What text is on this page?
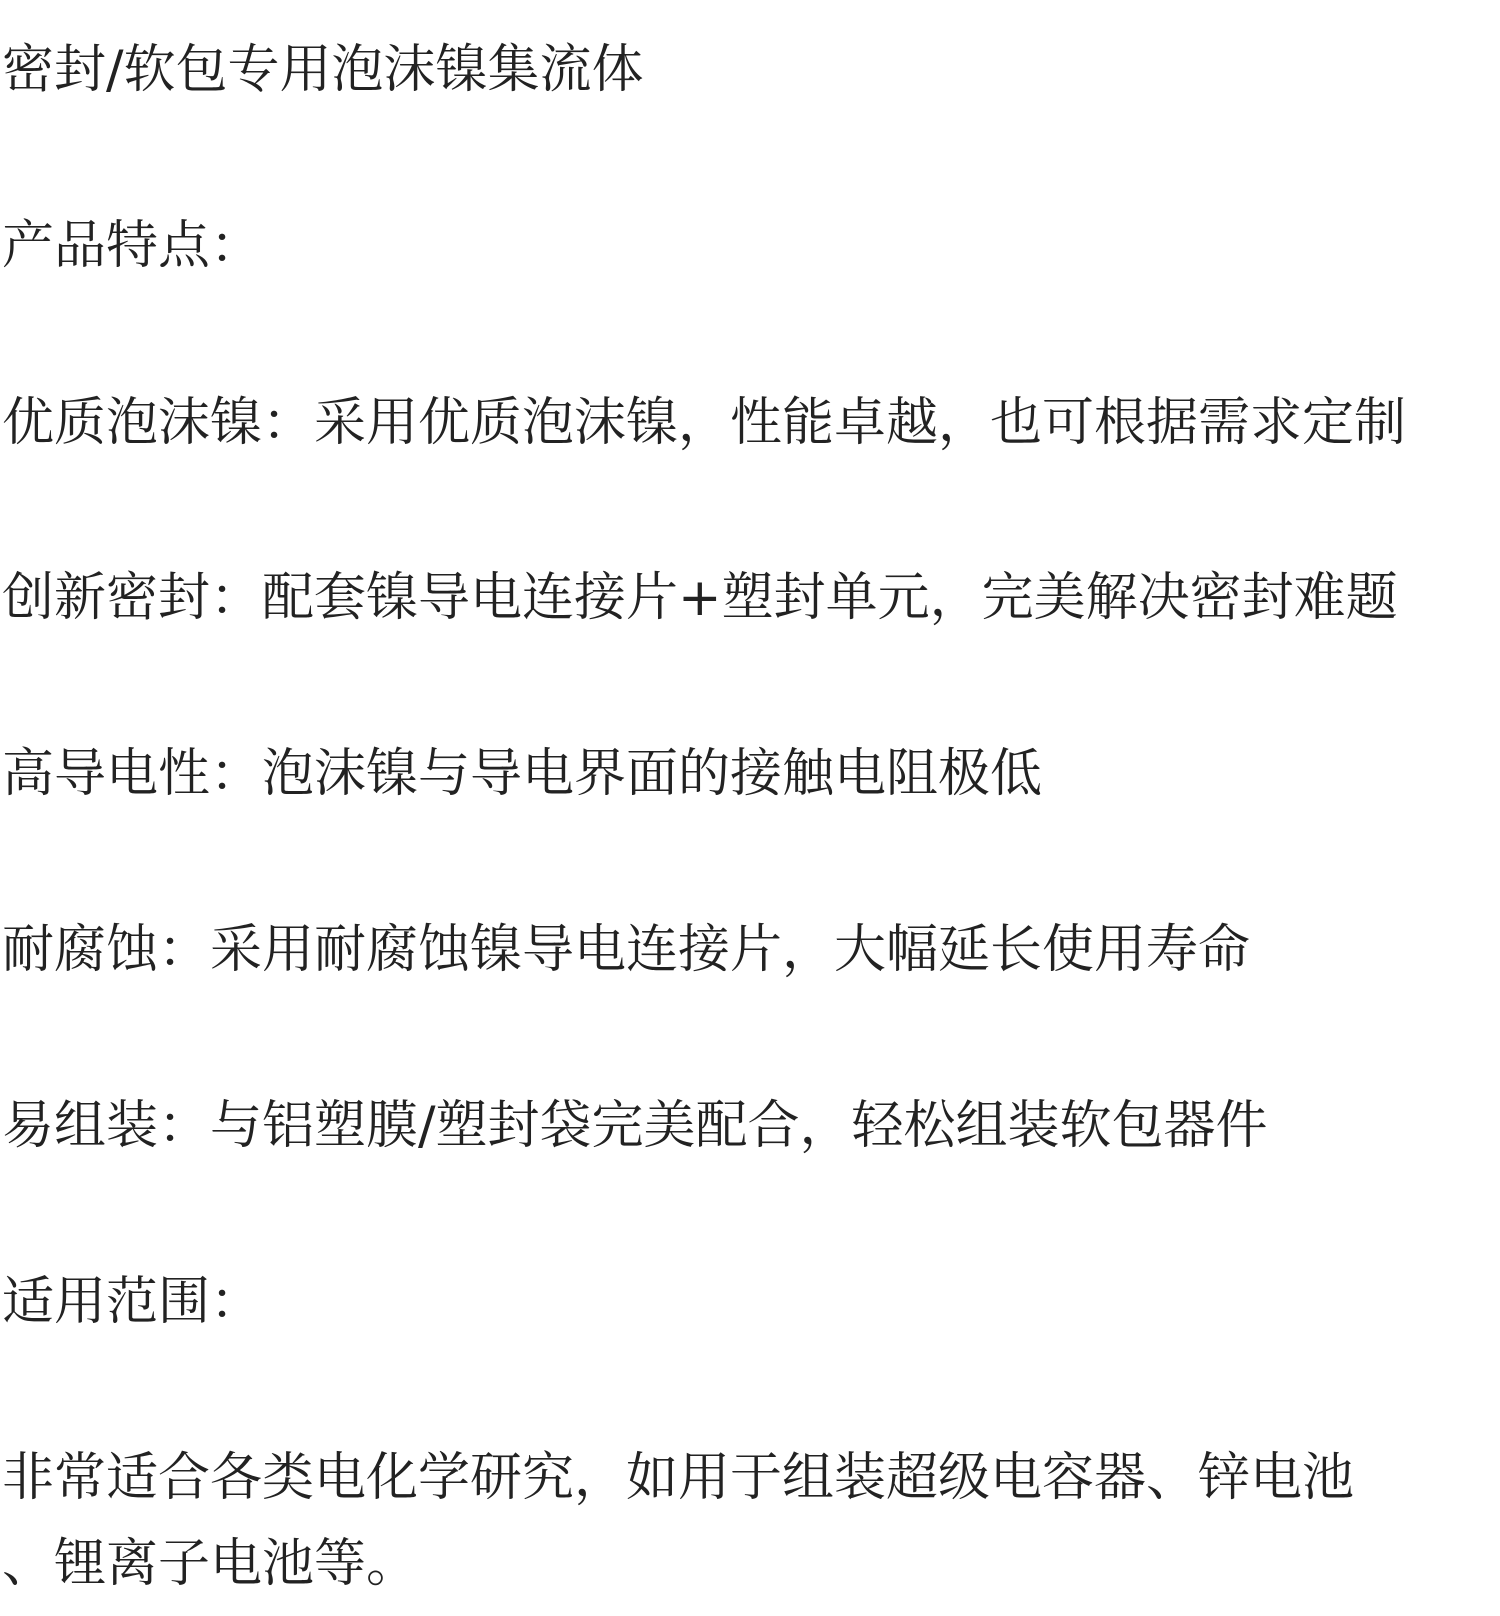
密封/软包专用泡沫镍集流体
产品特点：
优质泡沫镍：采用优质泡沫镍，性能卓越，也可根据需求定制
创新密封：配套镍导电连接片+塑封单元，完美解决密封难题
高导电性：泡沫镍与导电界面的接触电阻极低
耐腐蚀：采用耐腐蚀镍导电连接片，大幅延长使用寿命
易组装：与铝塑膜/塑封袋完美配合，轻松组装软包器件
适用范围：
非常适合各类电化学研究，如用于组装超级电容器、锌电池
、锂离子电池等。
